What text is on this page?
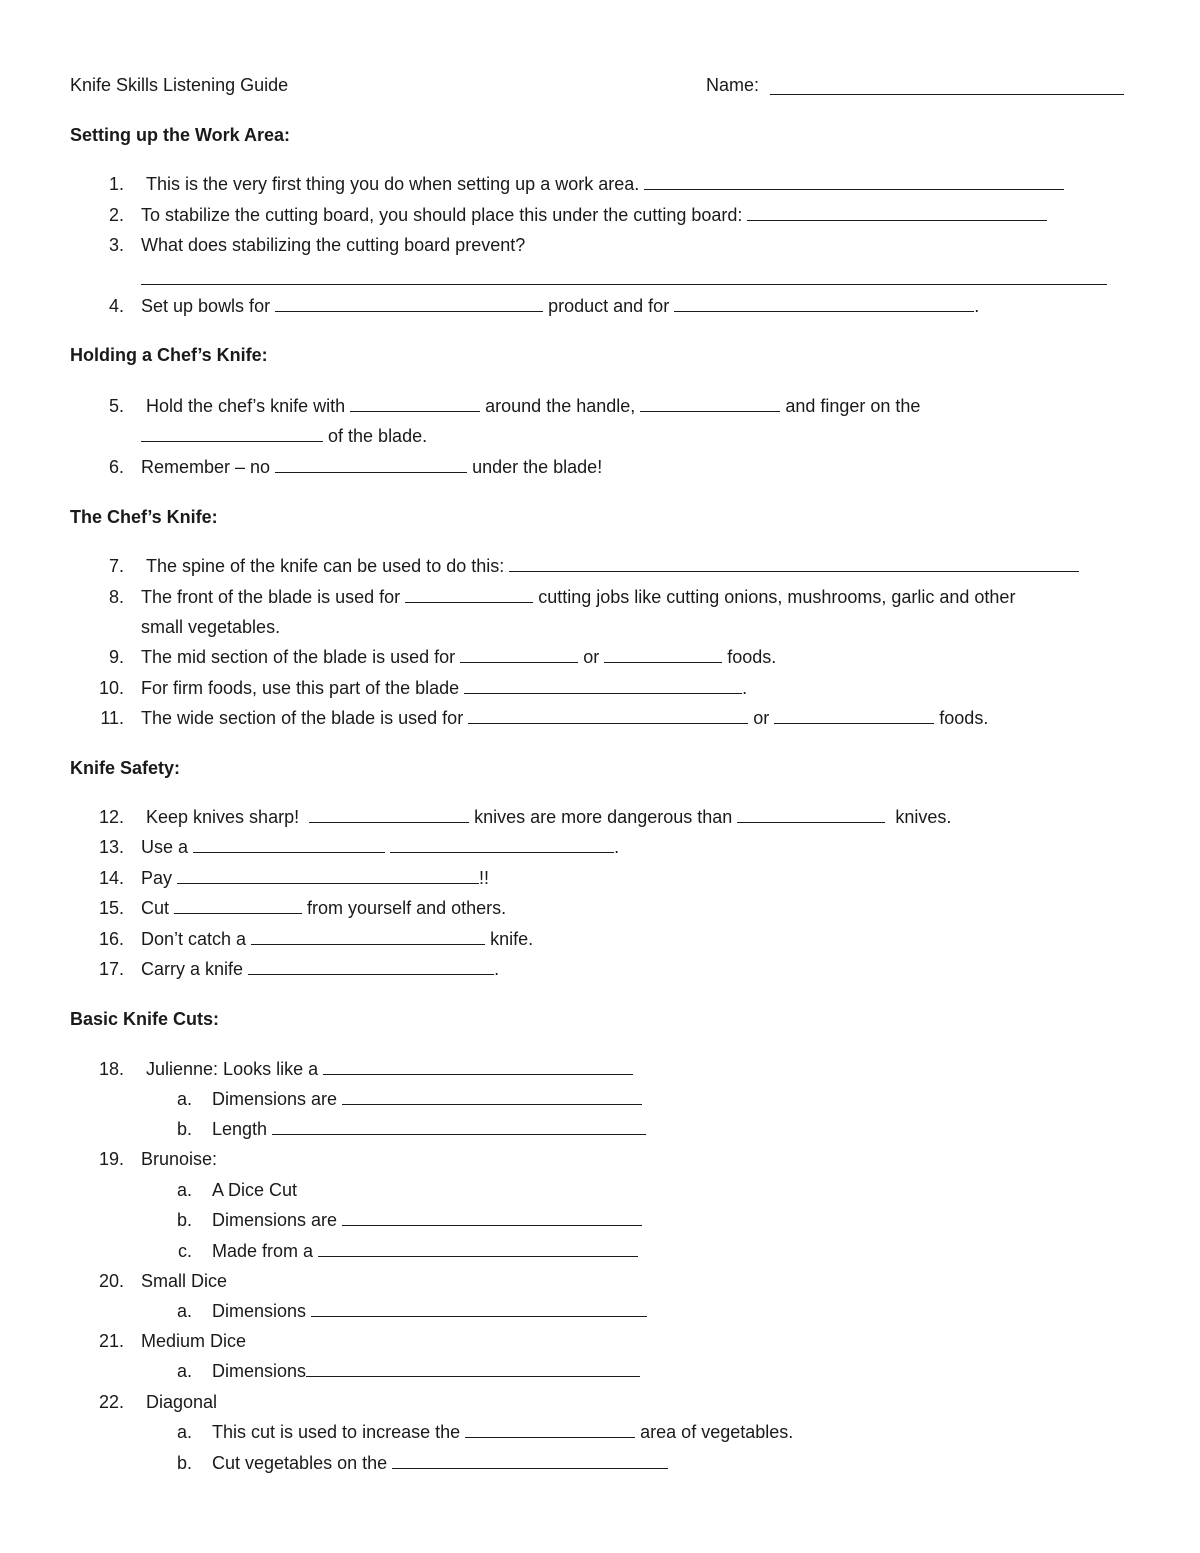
Knife Skills Listening Guide	Name:
Setting up the Work Area:
1. This is the very first thing you do when setting up a work area.
2. To stabilize the cutting board, you should place this under the cutting board:
3. What does stabilizing the cutting board prevent?
4. Set up bowls for	product and for	.
Holding a Chef’s Knife:
5. Hold the chef’s knife with	around the handle,	and finger on the
of the blade.
6. Remember – no	under the blade!
The Chef’s Knife:
7. The spine of the knife can be used to do this:
8. The front of the blade is used for	cutting jobs like cutting onions, mushrooms, garlic and other
small vegetables.
9. The mid section of the blade is used for	or	foods.
10. For firm foods, use this part of the blade	.
11. The wide section of the blade is used for	or	foods.
Knife Safety:
12. Keep knives sharp!	knives are more dangerous than	knives.
13. Use a	.
14. Pay	!!
15. Cut	from yourself and others.
16. Don’t catch a	knife.
17. Carry a knife	.
Basic Knife Cuts:
18. Julienne: Looks like a
a. Dimensions are
b. Length
19. Brunoise:
a. A Dice Cut
b. Dimensions are
c. Made from a
20. Small Dice
a. Dimensions
21. Medium Dice
a. Dimensions
22. Diagonal
a. This cut is used to increase the	area of vegetables.
b. Cut vegetables on the
